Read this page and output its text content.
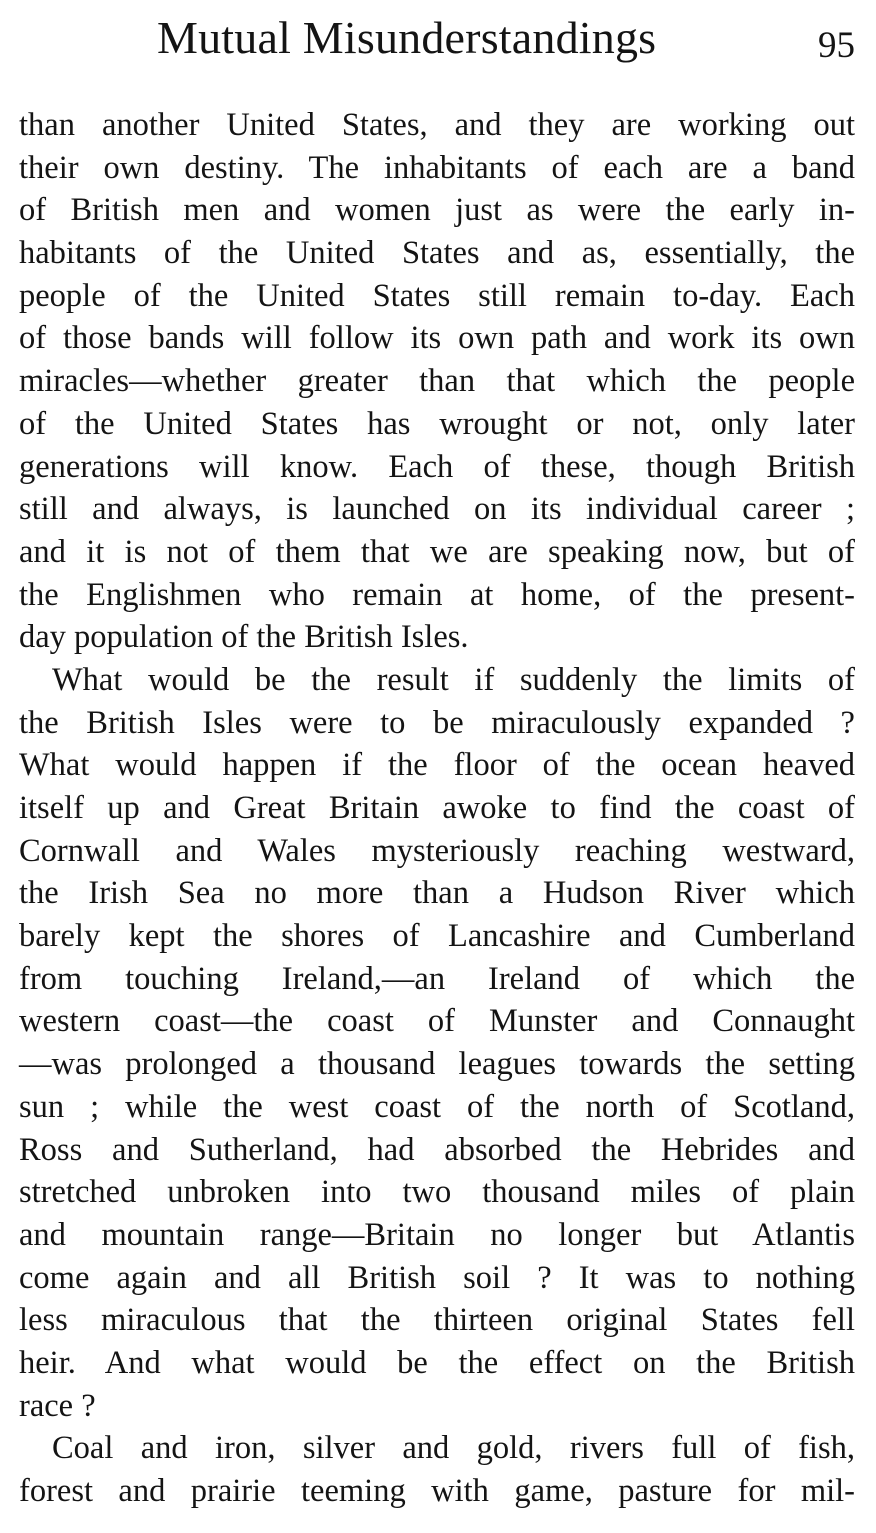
Mutual Misunderstandings	95
than another United States, and they are working out
their own destiny. The inhabitants of each are a band
of British men and women just as were the early in-
habitants of the United States and as, essentially, the
people of the United States still remain to-day. Each
of those bands will follow its own path and work its own
miracles—whether greater than that which the people
of the United States has wrought or not, only later
generations will know. Each of these, though British
still and always, is launched on its individual career ;
and it is not of them that we are speaking now, but of
the Englishmen who remain at home, of the present-
day population of the British Isles.
What would be the result if suddenly the limits of
the British Isles were to be miraculously expanded ?
What would happen if the floor of the ocean heaved
itself up and Great Britain awoke to find the coast of
Cornwall and Wales mysteriously reaching westward,
the Irish Sea no more than a Hudson River which
barely kept the shores of Lancashire and Cumberland
from touching Ireland,—an Ireland of which the
western coast—the coast of Munster and Connaught
—was prolonged a thousand leagues towards the setting
sun ; while the west coast of the north of Scotland,
Ross and Sutherland, had absorbed the Hebrides and
stretched unbroken into two thousand miles of plain
and mountain range—Britain no longer but Atlantis
come again and all British soil ? It was to nothing
less miraculous that the thirteen original States fell
heir. And what would be the effect on the British
race ?
Coal and iron, silver and gold, rivers full of fish,
forest and prairie teeming with game, pasture for mil-
